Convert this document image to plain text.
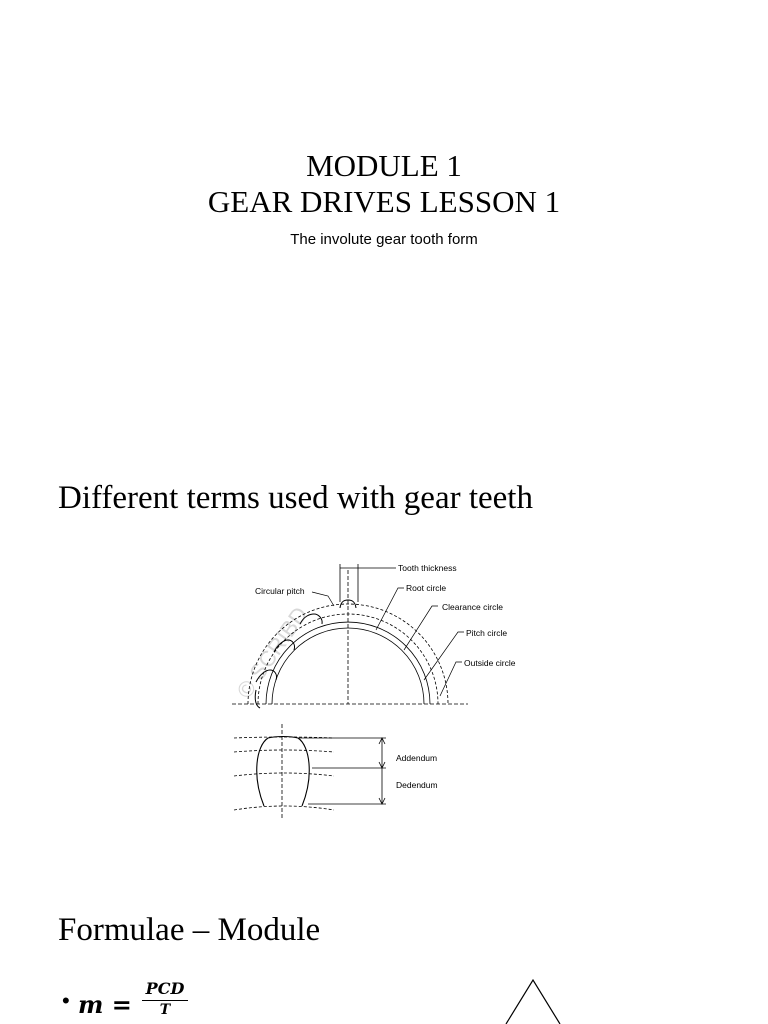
MODULE 1
GEAR DRIVES LESSON 1
The involute gear tooth form
Different terms used with gear teeth
© SCRIBD
Tooth thickness
Root circle
Circular pitch
Clearance circle
Pitch circle
Outside circle
Addendum
Dedendum
Formulae – Module
• m =
PCD
T
